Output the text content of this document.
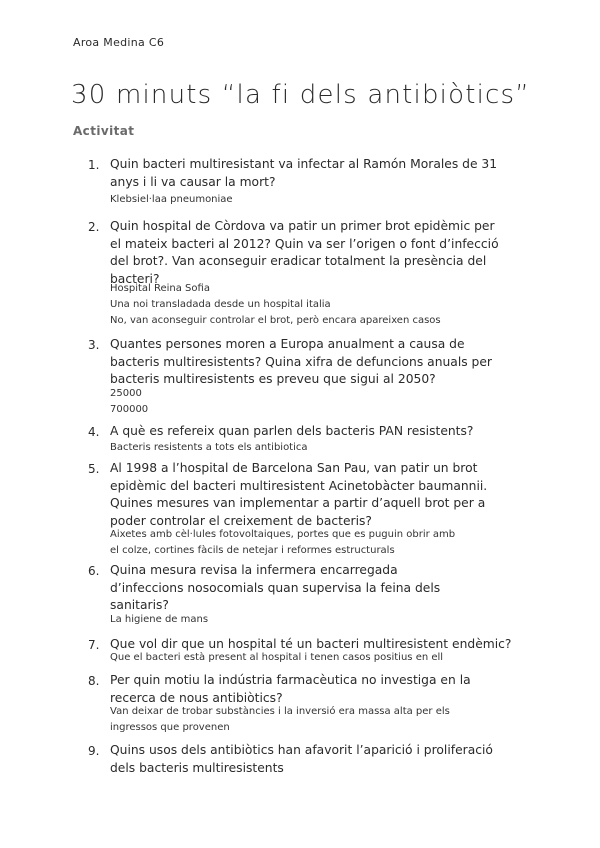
Aroa Medina C6
30 minuts “la fi dels antibiòtics”
Activitat
1. Quin bacteri multiresistant va infectar al Ramón Morales de 31
anys i li va causar la mort?
Klebsiel·laa pneumoniae
2. Quin hospital de Còrdova va patir un primer brot epidèmic per
el mateix bacteri al 2012? Quin va ser l’origen o font d’infecció
del brot?. Van aconseguir eradicar totalment la presència del
bacteri?
Hospital Reina Sofia
Una noi transladada desde un hospital italia
No, van aconseguir controlar el brot, però encara apareixen casos
3. Quantes persones moren a Europa anualment a causa de
bacteris multiresistents? Quina xifra de defuncions anuals per
bacteris multiresistents es preveu que sigui al 2050?
25000
700000
4. A què es refereix quan parlen dels bacteris PAN resistents?
Bacteris resistents a tots els antibiotica
5. Al 1998 a l’hospital de Barcelona San Pau, van patir un brot
epidèmic del bacteri multiresistent Acinetobàcter baumannii.
Quines mesures van implementar a partir d’aquell brot per a
poder controlar el creixement de bacteris?
Aixetes amb cèl·lules fotovoltaiques, portes que es puguin obrir amb
el colze, cortines fàcils de netejar i reformes estructurals
6. Quina mesura revisa la infermera encarregada
d’infeccions nosocomials quan supervisa la feina dels
sanitaris?
La higiene de mans
7. Que vol dir que un hospital té un bacteri multiresistent endèmic?
Que el bacteri està present al hospital i tenen casos positius en ell
8. Per quin motiu la indústria farmacèutica no investiga en la
recerca de nous antibiòtics?
Van deixar de trobar substàncies i la inversió era massa alta per els
ingressos que provenen
9. Quins usos dels antibiòtics han afavorit l’aparició i proliferació
dels bacteris multiresistents
